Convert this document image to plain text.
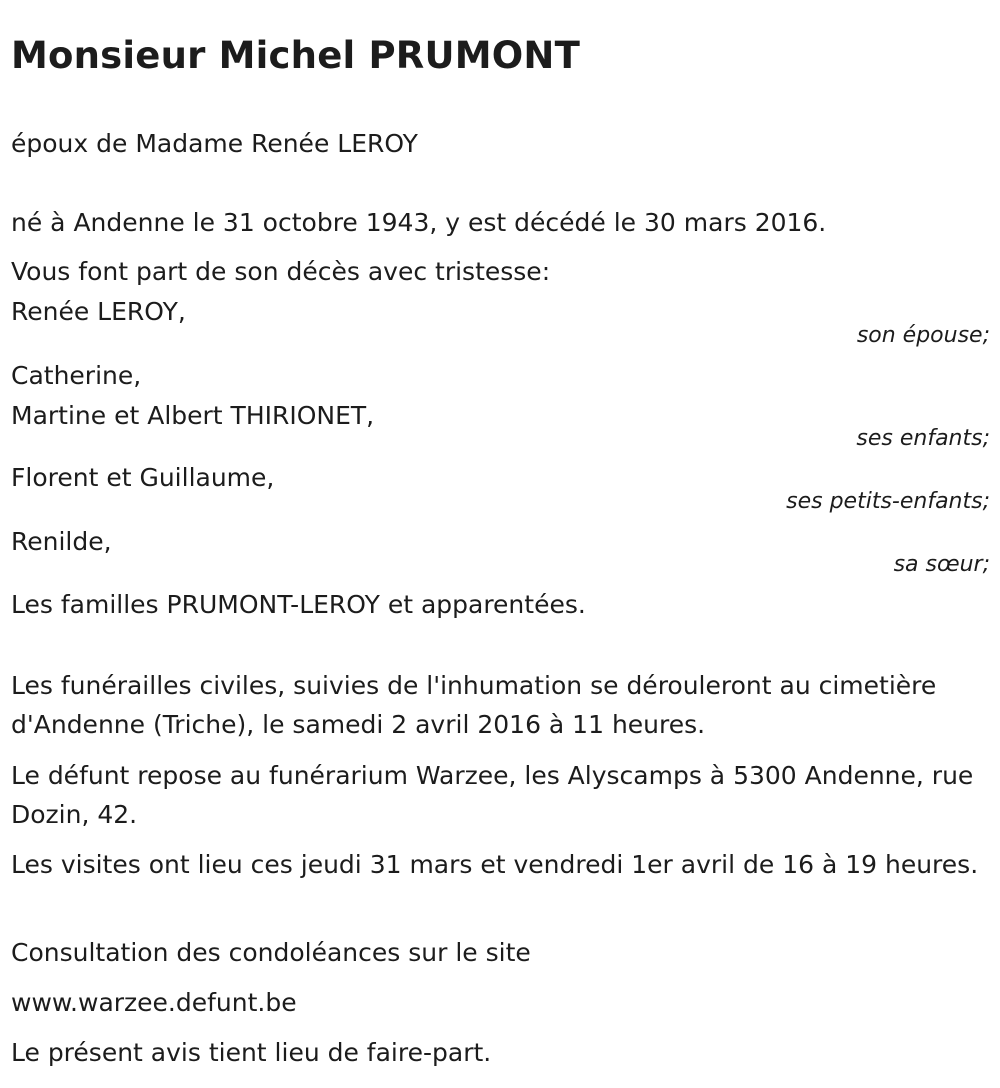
Monsieur Michel PRUMONT

époux de Madame Renée LEROY

né à Andenne le 31 octobre 1943, y est décédé le 30 mars 2016.

Vous font part de son décès avec tristesse:

Renée LEROY,

son épouse;

Catherine,

Martine et Albert THIRIONET,

ses enfants;

Florent et Guillaume,

ses petits-enfants;

Renilde,

sa sœur;

Les familles PRUMONT-LEROY et apparentées.

Les funérailles civiles, suivies de l'inhumation se dérouleront au cimetière d'Andenne (Triche), le samedi 2 avril 2016 à 11 heures.

Le défunt repose au funérarium Warzee, les Alyscamps à 5300 Andenne, rue Dozin, 42.

Les visites ont lieu ces jeudi 31 mars et vendredi 1er avril de 16 à 19 heures.

Consultation des condoléances sur le site

www.warzee.defunt.be

Le présent avis tient lieu de faire-part.
